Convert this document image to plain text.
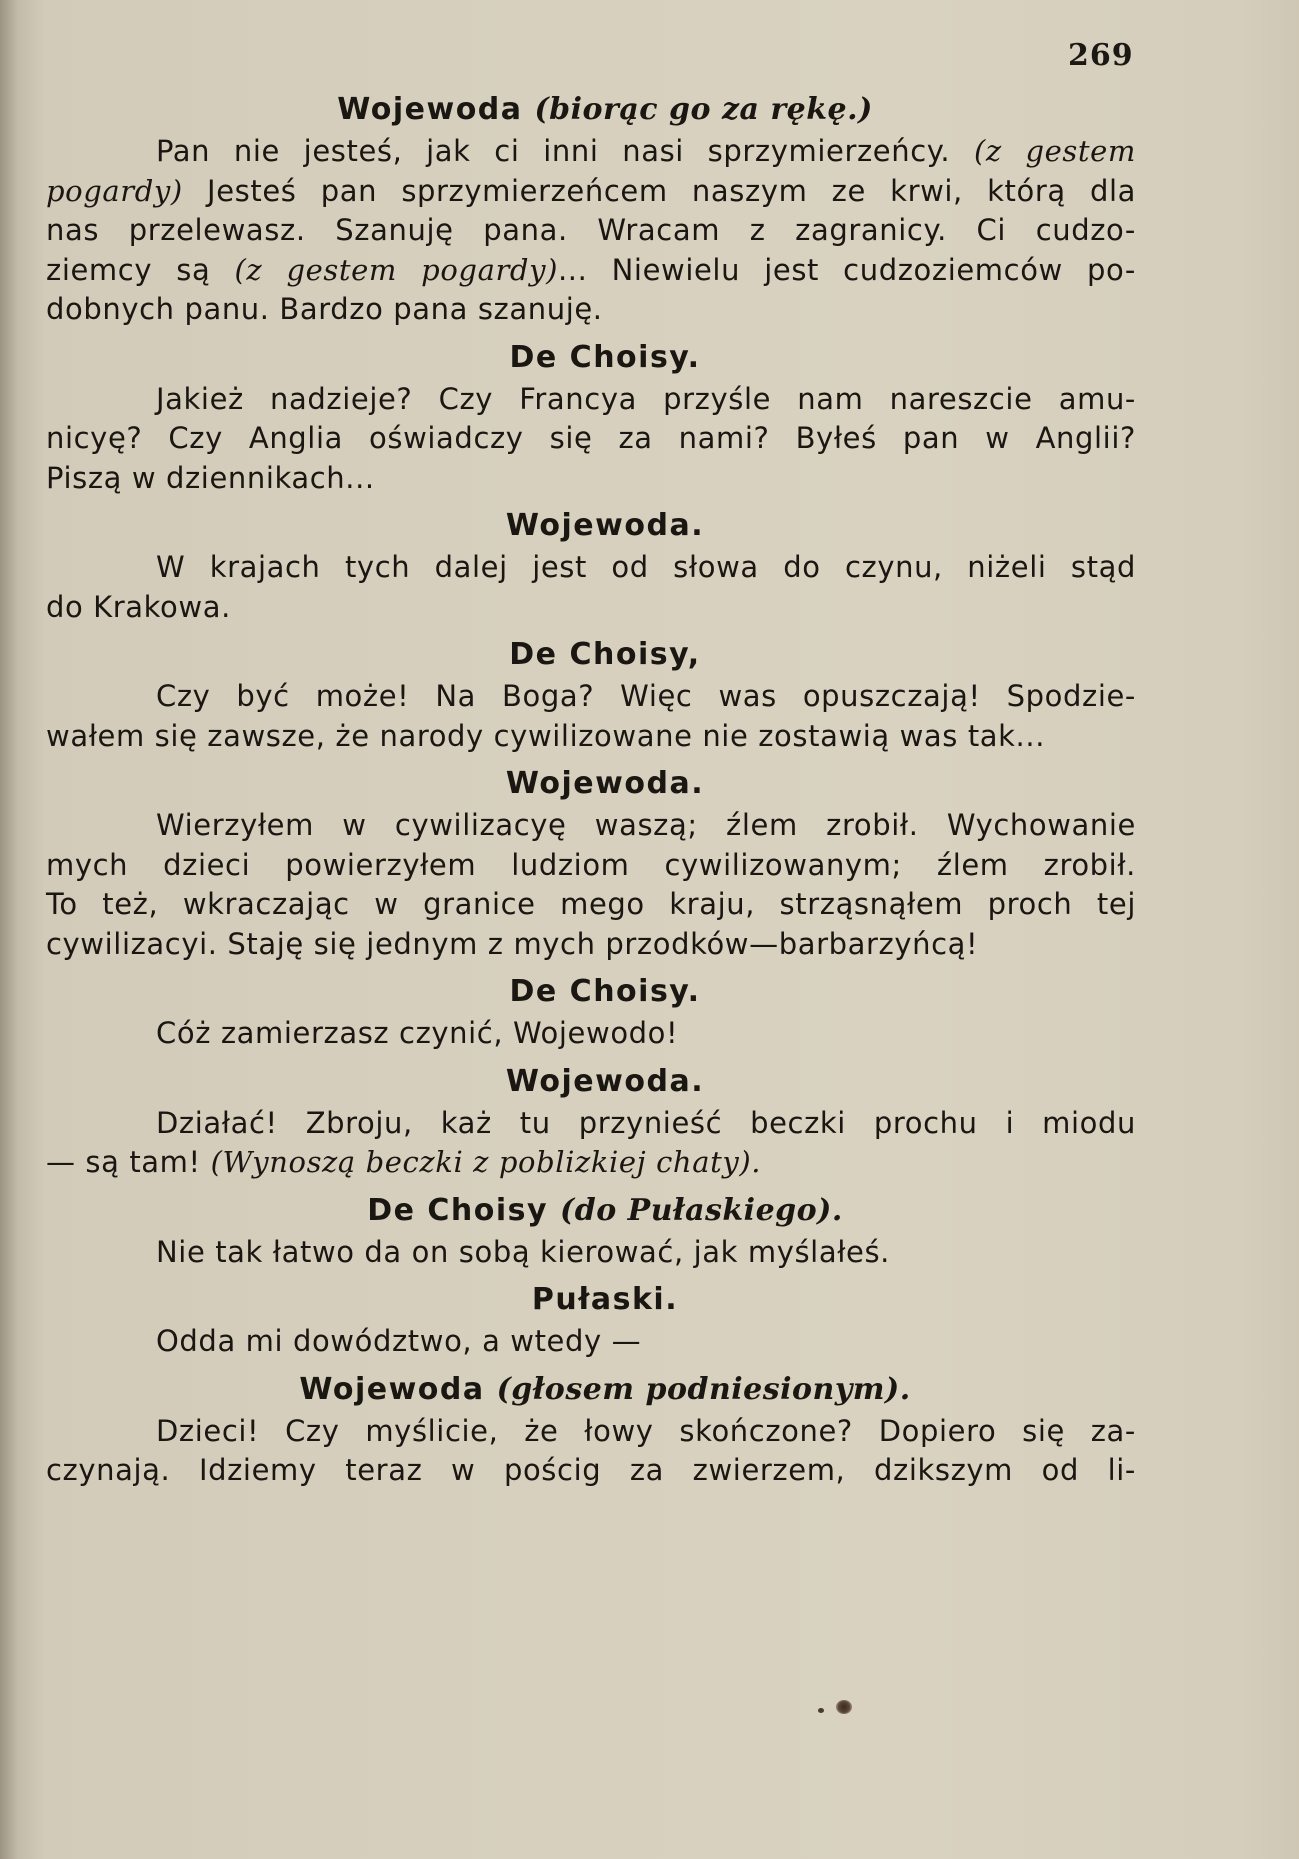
269
Wojewoda (biorąc go za rękę.)
Pan nie jesteś, jak ci inni nasi sprzymierzeńcy. (z gestem
pogardy) Jesteś pan sprzymierzeńcem naszym ze krwi, którą dla
nas przelewasz. Szanuję pana. Wracam z zagranicy. Ci cudzo-
ziemcy są (z gestem pogardy)... Niewielu jest cudzoziemców po-
dobnych panu. Bardzo pana szanuję.
De Choisy.
Jakież nadzieje? Czy Francya przyśle nam nareszcie amu-
nicyę? Czy Anglia oświadczy się za nami? Byłeś pan w Anglii?
Piszą w dziennikach...
Wojewoda.
W krajach tych dalej jest od słowa do czynu, niżeli stąd
do Krakowa.
De Choisy,
Czy być może! Na Boga? Więc was opuszczają! Spodzie-
wałem się zawsze, że narody cywilizowane nie zostawią was tak...
Wojewoda.
Wierzyłem w cywilizacyę waszą; źlem zrobił. Wychowanie
mych dzieci powierzyłem ludziom cywilizowanym; źlem zrobił.
To też, wkraczając w granice mego kraju, strząsnąłem proch tej
cywilizacyi. Staję się jednym z mych przodków—barbarzyńcą!
De Choisy.
Cóż zamierzasz czynić, Wojewodo!
Wojewoda.
Działać! Zbroju, każ tu przynieść beczki prochu i miodu
— są tam! (Wynoszą beczki z poblizkiej chaty).
De Choisy (do Pułaskiego).
Nie tak łatwo da on sobą kierować, jak myślałeś.
Pułaski.
Odda mi dowództwo, a wtedy —
Wojewoda (głosem podniesionym).
Dzieci! Czy myślicie, że łowy skończone? Dopiero się za-
czynają. Idziemy teraz w pościg za zwierzem, dzikszym od li-
